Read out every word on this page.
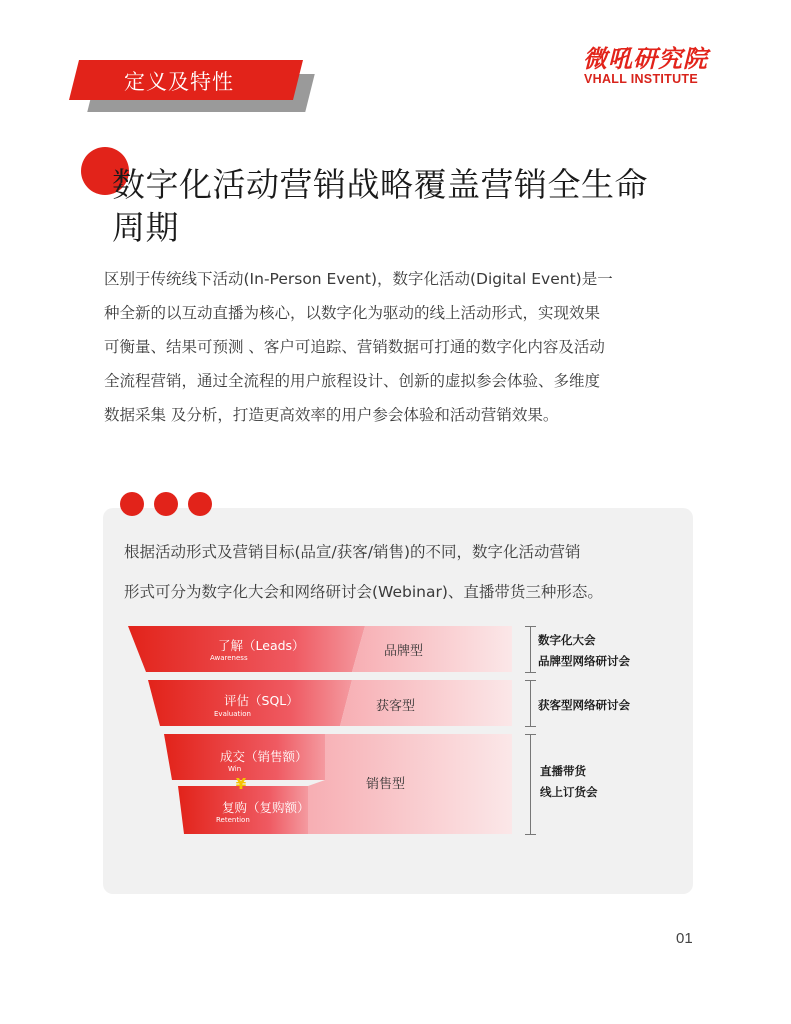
定义及特性
微吼研究院
VHALL INSTITUTE
数字化活动营销战略覆盖营销全生命
周期

区别于传统线下活动(In-Person Event)，数字化活动(Digital Event)是一

种全新的以互动直播为核心，以数字化为驱动的线上活动形式，实现效果

可衡量、结果可预测 、客户可追踪、营销数据可打通的数字化内容及活动

全流程营销，通过全流程的用户旅程设计、创新的虚拟参会体验、多维度

数据采集 及分析，打造更高效率的用户参会体验和活动营销效果。

根据活动形式及营销目标(品宣/获客/销售)的不同，数字化活动营销

形式可分为数字化大会和网络研讨会(Webinar)、直播带货三种形态。

了解（Leads）
Awareness
评估（SQL）
Evaluation
成交（销售额）
Win
¥
复购（复购额）
Retention
品牌型
获客型
销售型
数字化大会
品牌型网络研讨会
获客型网络研讨会
直播带货
线上订货会
01
